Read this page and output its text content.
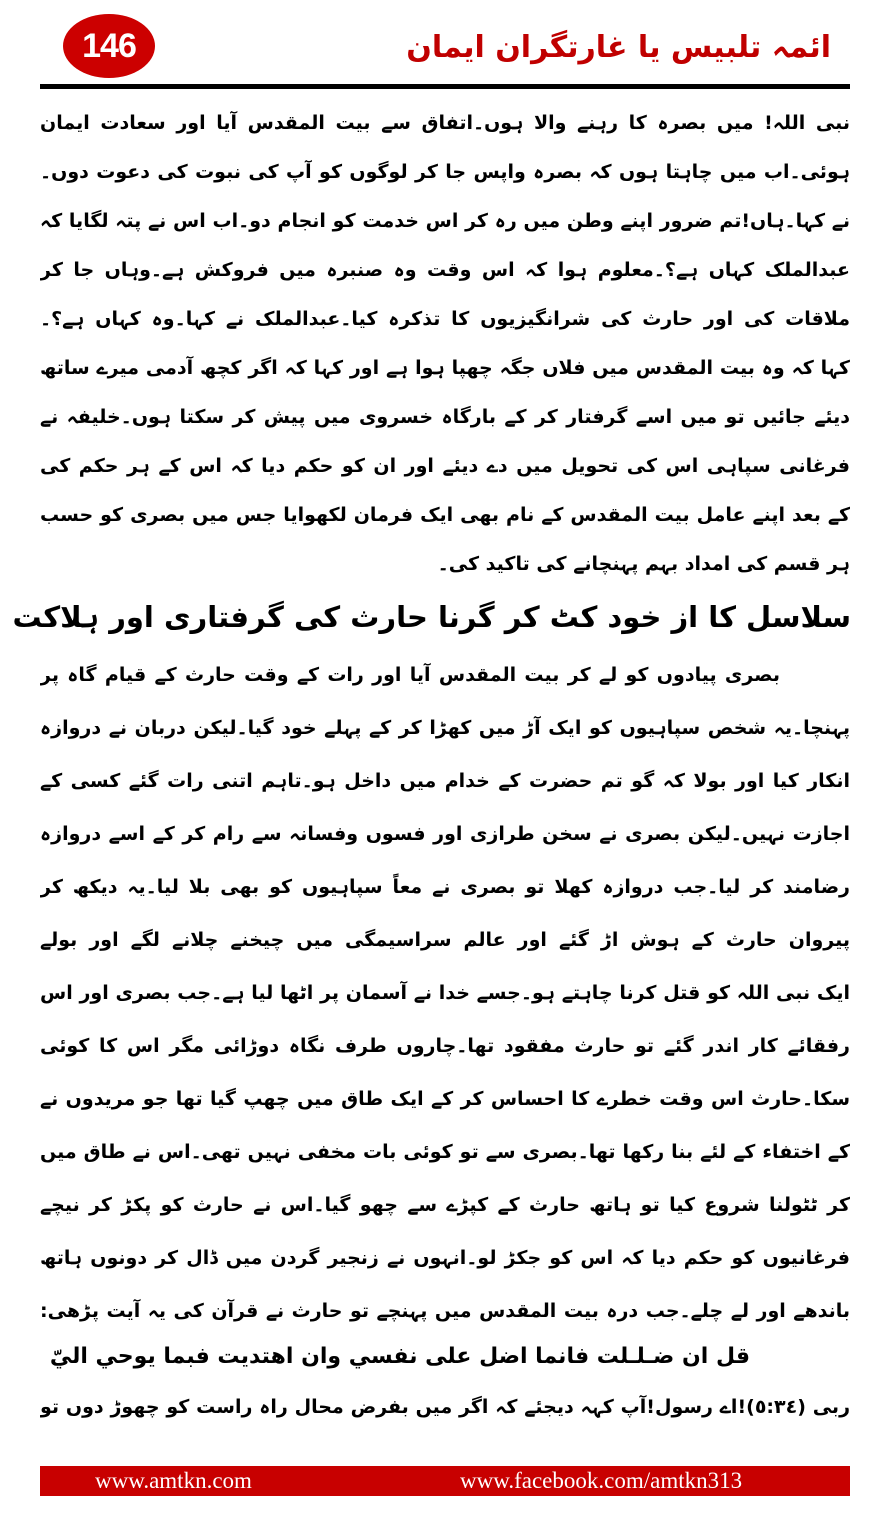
146	ائمہ تلبیس یا غارتگران ایمان
نبی اللہ! میں بصرہ کا رہنے والا ہوں۔اتفاق سے بیت المقدس آیا اور سعادت ایمان
ہوئی۔اب میں چاہتا ہوں کہ بصرہ واپس جا کر لوگوں کو آپ کی نبوت کی دعوت دوں۔
نے کہا۔ہاں!تم ضرور اپنے وطن میں رہ کر اس خدمت کو انجام دو۔اب اس نے پتہ لگایا کہ
عبدالملک کہاں ہے؟۔معلوم ہوا کہ اس وقت وہ صنبرہ میں فروکش ہے۔وہاں جا کر
ملاقات کی اور حارث کی شرانگیزیوں کا تذکرہ کیا۔عبدالملک نے کہا۔وہ کہاں ہے؟۔
کہا کہ وہ بیت المقدس میں فلاں جگہ چھپا ہوا ہے اور کہا کہ اگر کچھ آدمی میرے ساتھ
دیئے جائیں تو میں اسے گرفتار کر کے بارگاہ خسروی میں پیش کر سکتا ہوں۔خلیفہ نے
فرغانی سپاہی اس کی تحویل میں دے دیئے اور ان کو حکم دیا کہ اس کے ہر حکم کی
کے بعد اپنے عامل بیت المقدس کے نام بھی ایک فرمان لکھوایا جس میں بصری کو حسب
ہر قسم کی امداد بہم پہنچانے کی تاکید کی۔
سلاسل کا از خود کٹ کر گرنا حارث کی گرفتاری اور ہلاکت
بصری پیادوں کو لے کر بیت المقدس آیا اور رات کے وقت حارث کے قیام گاہ پر
پہنچا۔یہ شخص سپاہیوں کو ایک آڑ میں کھڑا کر کے پہلے خود گیا۔لیکن دربان نے دروازہ
انکار کیا اور بولا کہ گو تم حضرت کے خدام میں داخل ہو۔تاہم اتنی رات گئے کسی کے
اجازت نہیں۔لیکن بصری نے سخن طرازی اور فسوں وفسانہ سے رام کر کے اسے دروازہ
رضامند کر لیا۔جب دروازہ کھلا تو بصری نے معاً سپاہیوں کو بھی بلا لیا۔یہ دیکھ کر
پیروان حارث کے ہوش اڑ گئے اور عالم سراسیمگی میں چیخنے چلانے لگے اور بولے
ایک نبی اللہ کو قتل کرنا چاہتے ہو۔جسے خدا نے آسمان پر اٹھا لیا ہے۔جب بصری اور اس
رفقائے کار اندر گئے تو حارث مفقود تھا۔چاروں طرف نگاہ دوڑائی مگر اس کا کوئی
سکا۔حارث اس وقت خطرے کا احساس کر کے ایک طاق میں چھپ گیا تھا جو مریدوں نے
کے اختفاء کے لئے بنا رکھا تھا۔بصری سے تو کوئی بات مخفی نہیں تھی۔اس نے طاق میں
کر ٹٹولنا شروع کیا تو ہاتھ حارث کے کپڑے سے چھو گیا۔اس نے حارث کو پکڑ کر نیچے
فرغانیوں کو حکم دیا کہ اس کو جکڑ لو۔انہوں نے زنجیر گردن میں ڈال کر دونوں ہاتھ
باندھے اور لے چلے۔جب درہ بیت المقدس میں پہنچے تو حارث نے قرآن کی یہ آیت پڑھی:
قل ان ضـلـلت فانما اضل على نفسي وان اهتديت فبما يوحي اليّ
ربی (٥:٣٤)!اے رسول!آپ کہہ دیجئے کہ اگر میں بفرض محال راہ راست کو چھوڑ دوں تو
www.amtkn.com	www.facebook.com/amtkn313
